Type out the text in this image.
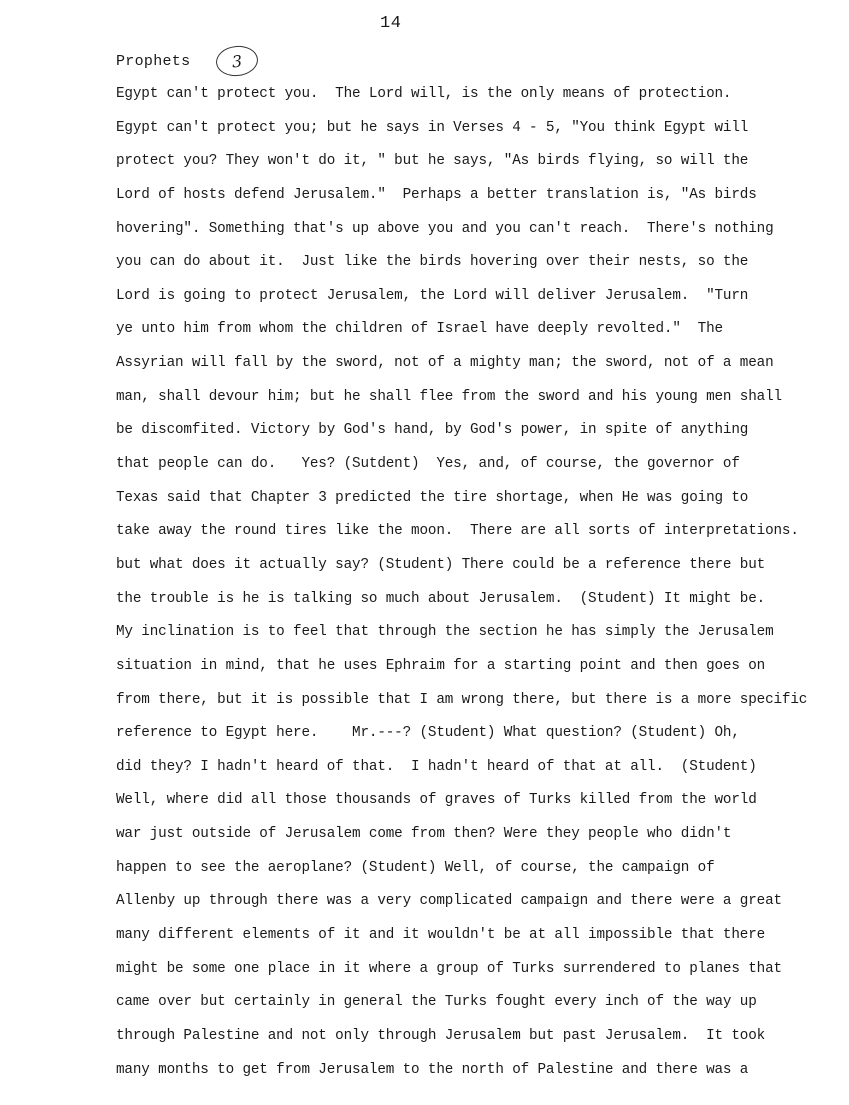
14
Prophets	3
Egypt can't protect you.  The Lord will, is the only means of protection.
Egypt can't protect you; but he says in Verses 4 - 5, "You think Egypt will
protect you? They won't do it, " but he says, "As birds flying, so will the
Lord of hosts defend Jerusalem."  Perhaps a better translation is, "As birds
hovering". Something that's up above you and you can't reach.  There's nothing
you can do about it.  Just like the birds hovering over their nests, so the
Lord is going to protect Jerusalem, the Lord will deliver Jerusalem.  "Turn
ye unto him from whom the children of Israel have deeply revolted."  The
Assyrian will fall by the sword, not of a mighty man; the sword, not of a mean
man, shall devour him; but he shall flee from the sword and his young men shall
be discomfited. Victory by God's hand, by God's power, in spite of anything
that people can do.   Yes? (Sutdent)  Yes, and, of course, the governor of
Texas said that Chapter 3 predicted the tire shortage, when He was going to
take away the round tires like the moon.  There are all sorts of interpretations.
but what does it actually say? (Student) There could be a reference there but
the trouble is he is talking so much about Jerusalem.  (Student) It might be.
My inclination is to feel that through the section he has simply the Jerusalem
situation in mind, that he uses Ephraim for a starting point and then goes on
from there, but it is possible that I am wrong there, but there is a more specific
reference to Egypt here.    Mr.---? (Student) What question? (Student) Oh,
did they? I hadn't heard of that.  I hadn't heard of that at all.  (Student)
Well, where did all those thousands of graves of Turks killed from the world
war just outside of Jerusalem come from then? Were they people who didn't
happen to see the aeroplane? (Student) Well, of course, the campaign of
Allenby up through there was a very complicated campaign and there were a great
many different elements of it and it wouldn't be at all impossible that there
might be some one place in it where a group of Turks surrendered to planes that
came over but certainly in general the Turks fought every inch of the way up
through Palestine and not only through Jerusalem but past Jerusalem.  It took
many months to get from Jerusalem to the north of Palestine and there was a
